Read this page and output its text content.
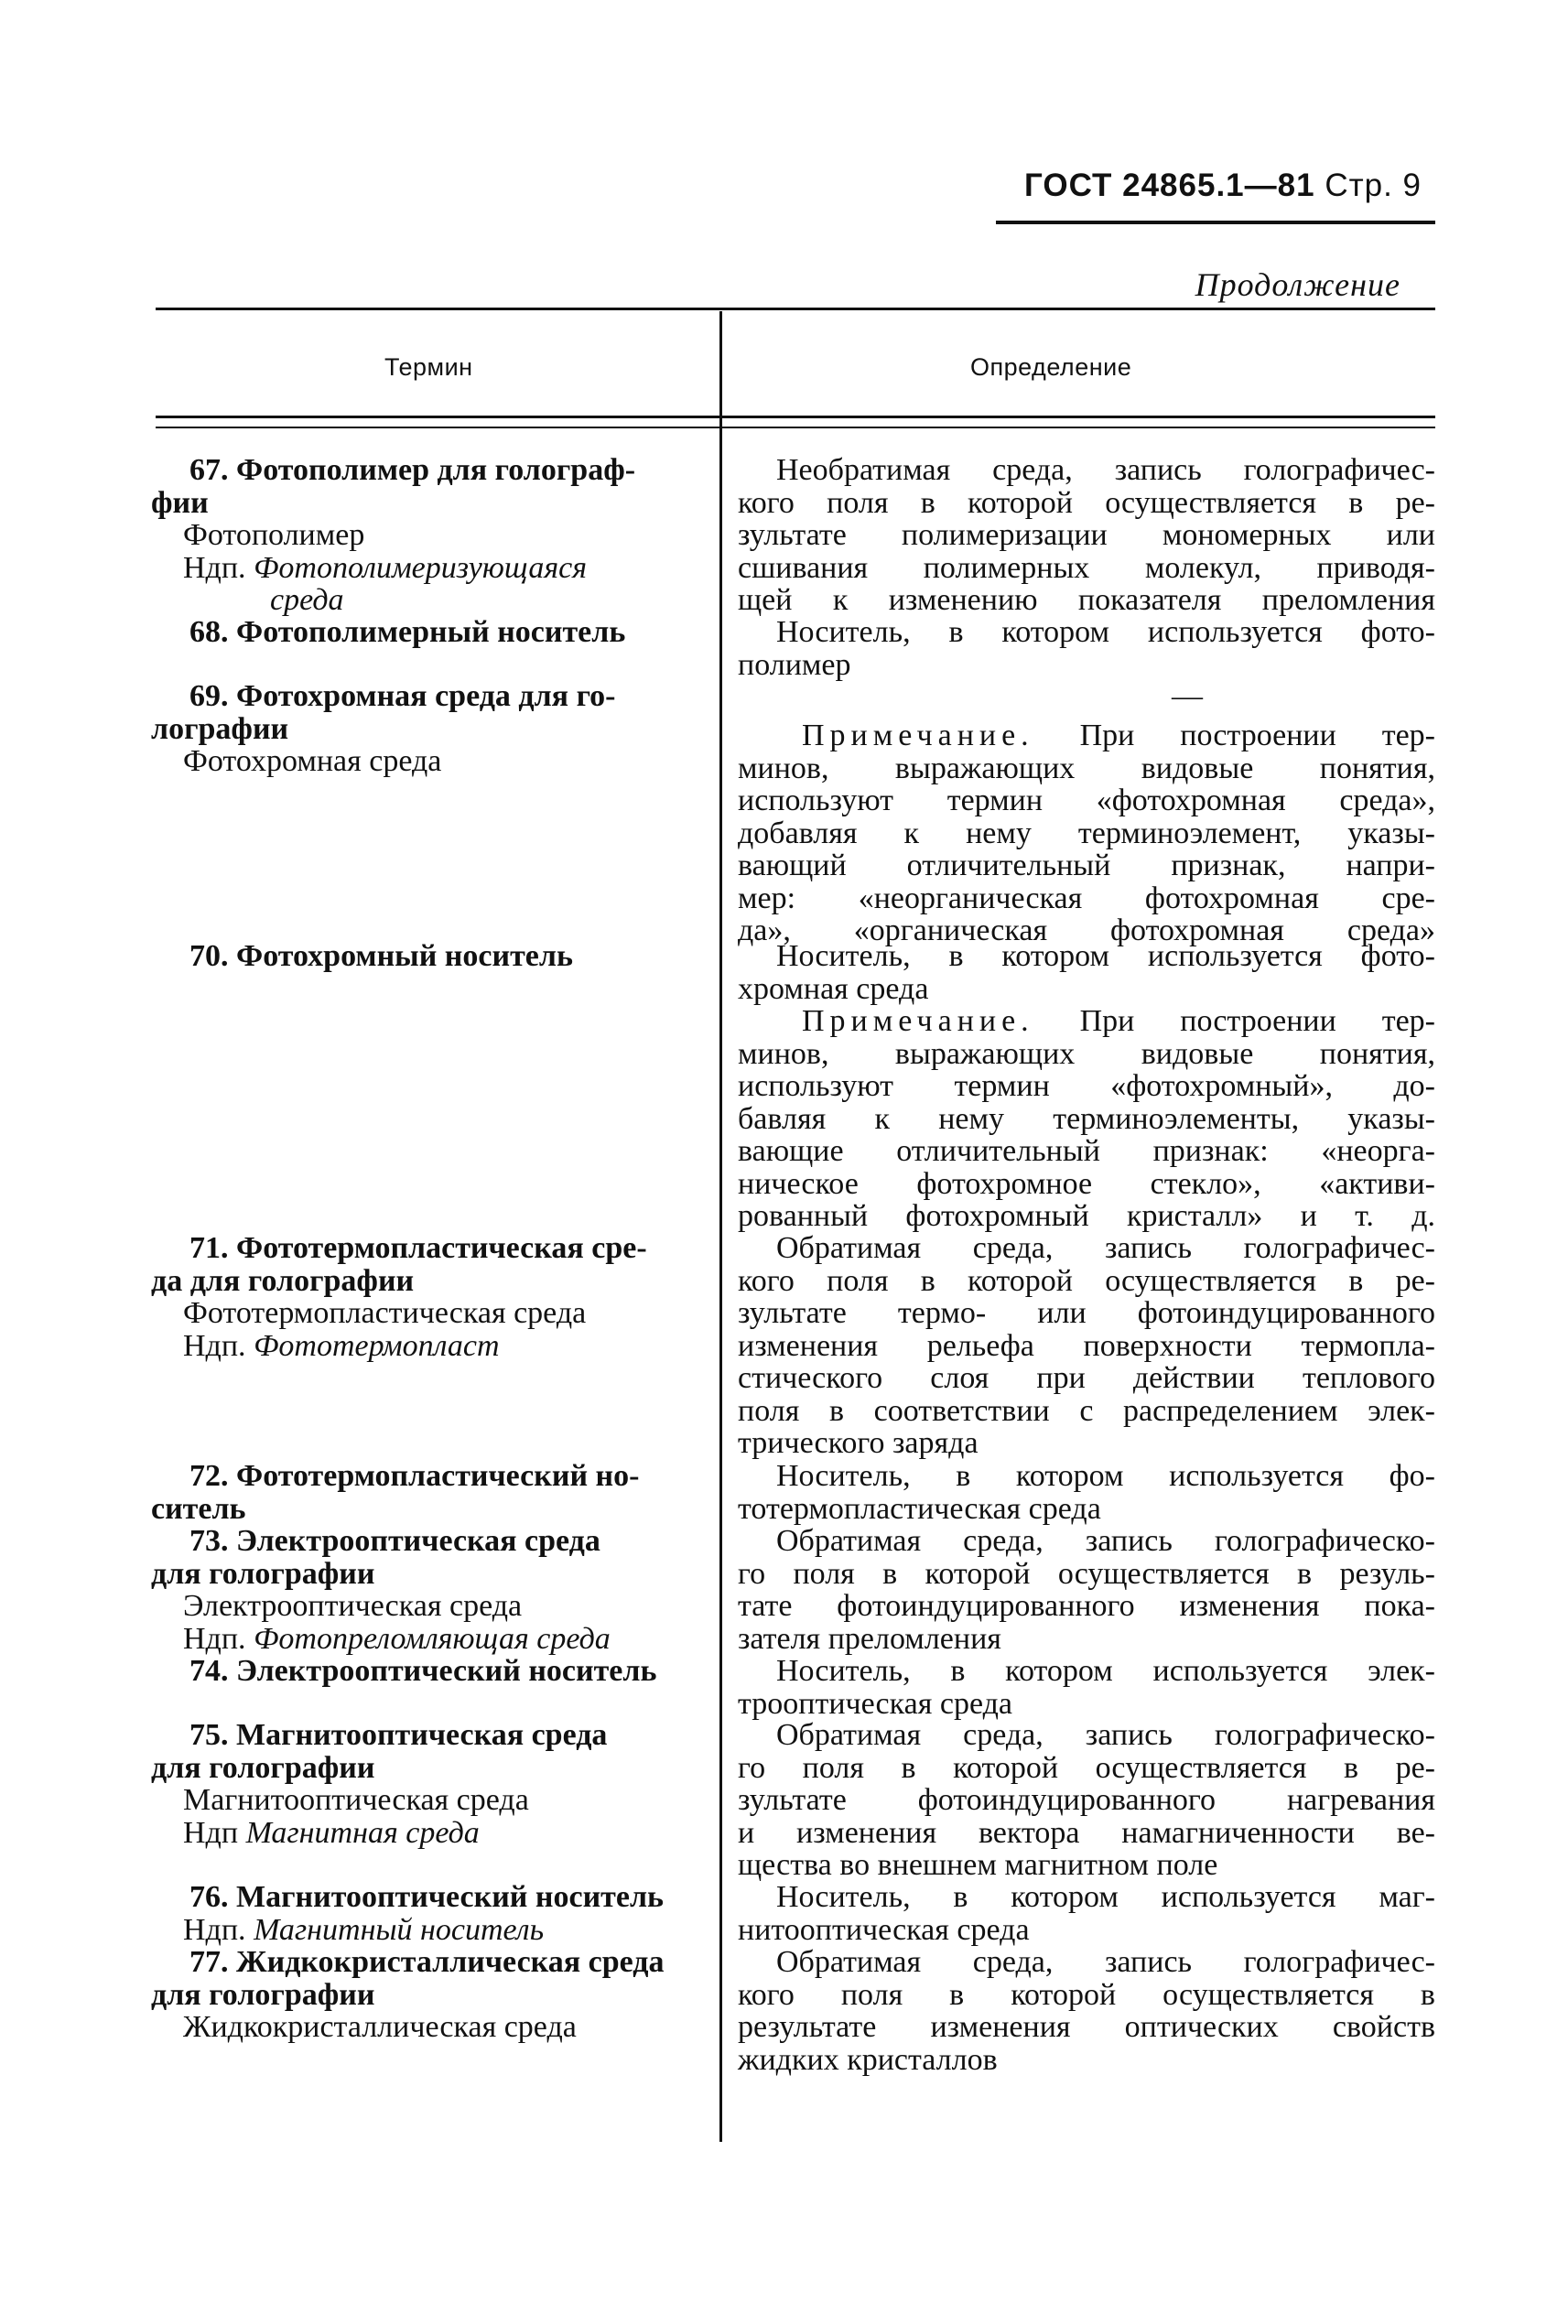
ГОСТ 24865.1—81 Стр. 9
Продолжение
Термин	Определение
67. Фотополимер для голограф-
фии
Фотополимер
Ндп. Фотополимеризующаяся
среда
68. Фотополимерный носитель
69. Фотохромная среда для го-
лографии
Фотохромная среда
70. Фотохромный носитель
71. Фототермопластическая сре-
да для голографии
Фототермопластическая среда
Ндп. Фототермопласт
72. Фототермопластический но-
ситель
73. Электрооптическая среда
для голографии
Электрооптическая среда
Ндп. Фотопреломляющая среда
74. Электрооптический носитель
75. Магнитооптическая среда
для голографии
Магнитооптическая среда
Ндп Магнитная среда
76. Магнитооптический носитель
Ндп. Магнитный носитель
77. Жидкокристаллическая среда
для голографии
Жидкокристаллическая среда
Необратимая среда, запись голографичес-
кого поля в которой осуществляется в ре-
зультате полимеризации мономерных или
сшивания полимерных молекул, приводя-
щей к изменению показателя преломления
Носитель, в котором используется фото-
полимер
—
Примечание. При построении тер-
минов, выражающих видовые понятия,
используют термин «фотохромная среда»,
добавляя к нему терминоэлемент, указы-
вающий отличительный признак, напри-
мер: «неорганическая фотохромная сре-
да», «органическая фотохромная среда»
Носитель, в котором используется фото-
хромная среда
Примечание. При построении тер-
минов, выражающих видовые понятия,
используют термин «фотохромный», до-
бавляя к нему терминоэлементы, указы-
вающие отличительный признак: «неорга-
ническое фотохромное стекло», «активи-
рованный фотохромный кристалл» и т. д.
Обратимая среда, запись голографичес-
кого поля в которой осуществляется в ре-
зультате термо- или фотоиндуцированного
изменения рельефа поверхности термопла-
стического слоя при действии теплового
поля в соответствии с распределением элек-
трического заряда
Носитель, в котором используется фо-
тотермопластическая среда
Обратимая среда, запись голографическо-
го поля в которой осуществляется в резуль-
тате фотоиндуцированного изменения пока-
зателя преломления
Носитель, в котором используется элек-
трооптическая среда
Обратимая среда, запись голографическо-
го поля в которой осуществляется в ре-
зультате фотоиндуцированного нагревания
и изменения вектора намагниченности ве-
щества во внешнем магнитном поле
Носитель, в котором используется маг-
нитооптическая среда
Обратимая среда, запись голографичес-
кого поля в которой осуществляется в
результате изменения оптических свойств
жидких кристаллов
